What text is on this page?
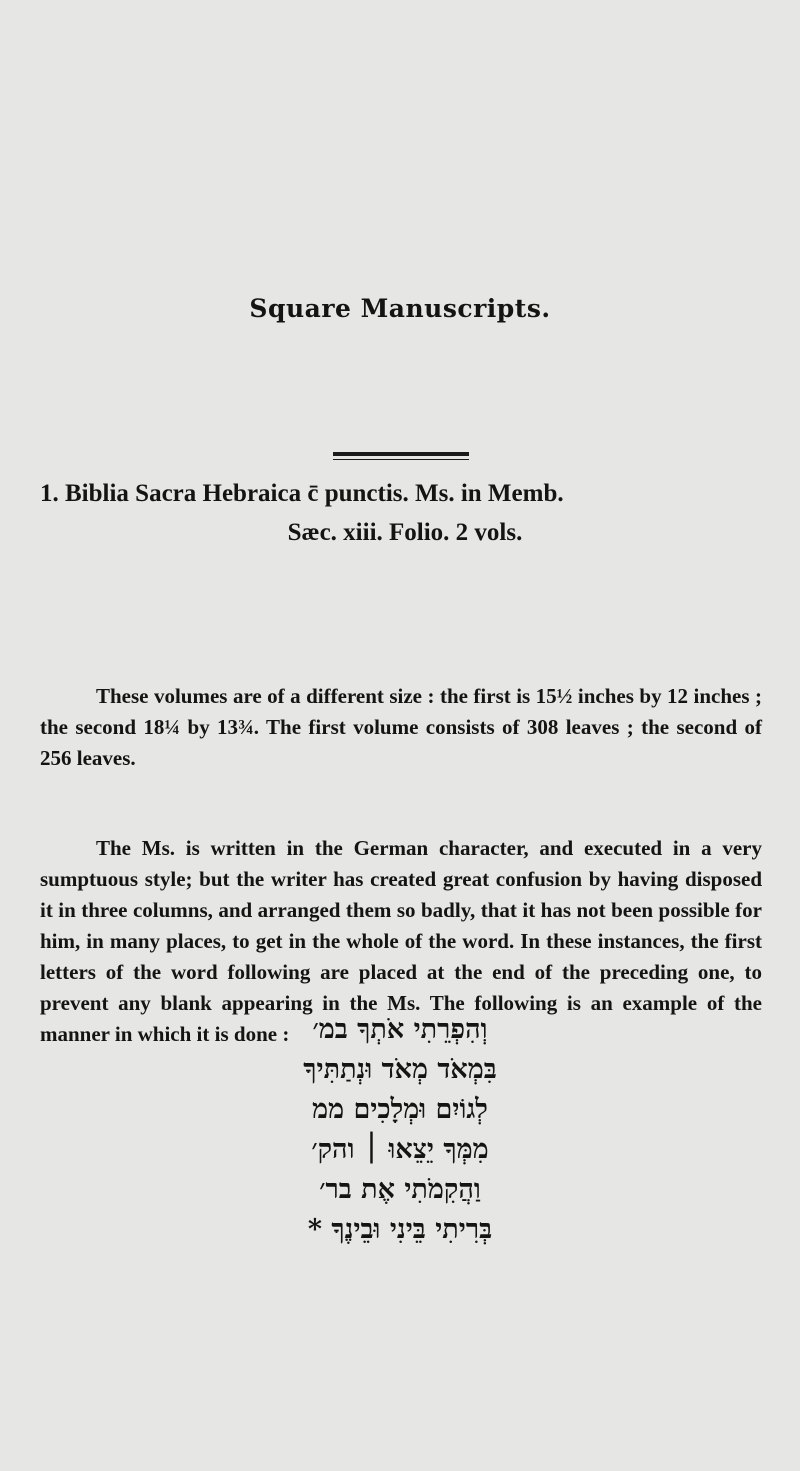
Square Manuscripts.
1. Biblia Sacra Hebraica c̄ punctis. Ms. in Memb.
Sæc. xiii. Folio. 2 vols.

These volumes are of a different size : the first is 15½ inches by 12 inches ; the second 18¼ by 13¾. The first volume consists of 308 leaves ; the second of 256 leaves.

The Ms. is written in the German character, and executed in a very sumptuous style; but the writer has created great confusion by having disposed it in three columns, and arranged them so badly, that it has not been possible for him, in many places, to get in the whole of the word. In these instances, the first letters of the word following are placed at the end of the preceding one, to prevent any blank appearing in the Ms. The following is an example of the manner in which it is done : וְהִפְרֵתִי אֹתְךָ במ׳
בִּמְאֹד מְאֹד וּנְתַתִּיךָ
לְגוֹיִם וּמְלָכִים ממ
מִמְּךָ יֵצֵאוּ ׀ והק׳
וַהֲקִמֹתִי אֶת בר׳
בְּרִיתִי בֵּינִי וּבֵינֶךָ *
